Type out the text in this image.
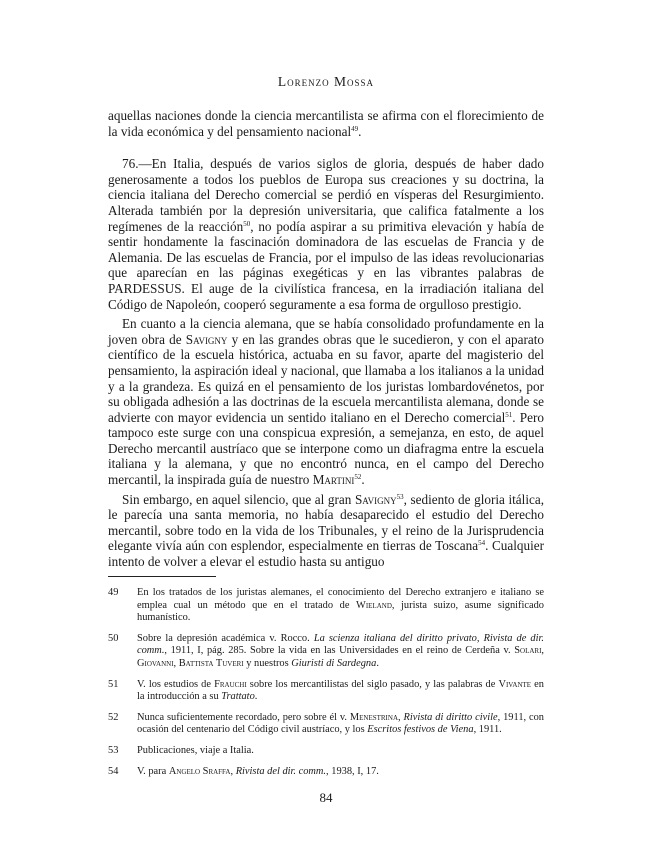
Lorenzo Mossa

aquellas naciones donde la ciencia mercantilista se afirma con el florecimiento de la vida económica y del pensamiento nacional$^{49}$.

76.—En Italia, después de varios siglos de gloria, después de haber dado generosamente a todos los pueblos de Europa sus creaciones y su doctrina, la ciencia italiana del Derecho comercial se perdió en vísperas del Resurgimiento. Alterada también por la depresión universitaria, que califica fatalmente a los regímenes de la reacción$^{50}$, no podía aspirar a su primitiva elevación y había de sentir hondamente la fascinación dominadora de las escuelas de Francia y de Alemania. De las escuelas de Francia, por el impulso de las ideas revolucionarias que aparecían en las páginas exegéticas y en las vibrantes palabras de PARDESSUS. El auge de la civilística francesa, en la irradiación italiana del Código de Napoleón, cooperó seguramente a esa forma de orgulloso prestigio.

En cuanto a la ciencia alemana, que se había consolidado profundamente en la joven obra de Savigny y en las grandes obras que le sucedieron, y con el aparato científico de la escuela histórica, actuaba en su favor, aparte del magisterio del pensamiento, la aspiración ideal y nacional, que llamaba a los italianos a la unidad y a la grandeza. Es quizá en el pensamiento de los juristas lombardovénetos, por su obligada adhesión a las doctrinas de la escuela mercantilista alemana, donde se advierte con mayor evidencia un sentido italiano en el Derecho comercial$^{51}$. Pero tampoco este surge con una conspicua expresión, a semejanza, en esto, de aquel Derecho mercantil austríaco que se interpone como un diafragma entre la escuela italiana y la alemana, y que no encontró nunca, en el campo del Derecho mercantil, la inspirada guía de nuestro Martini$^{52}$.

Sin embargo, en aquel silencio, que al gran Savigny$^{53}$, sediento de gloria itálica, le parecía una santa memoria, no había desaparecido el estudio del Derecho mercantil, sobre todo en la vida de los Tribunales, y el reino de la Jurisprudencia elegante vivía aún con esplendor, especialmente en tierras de Toscana$^{54}$. Cualquier intento de volver a elevar el estudio hasta su antiguo

49	En los tratados de los juristas alemanes, el conocimiento del Derecho extranjero e italiano se emplea cual un método que en el tratado de Wieland, jurista suizo, asume significado humanístico.
50	Sobre la depresión académica v. Rocco. La scienza italiana del diritto privato, Rivista de dir. comm., 1911, I, pág. 285. Sobre la vida en las Universidades en el reino de Cerdeña v. Solari, Giovanni, Battista Tuveri y nuestros Giuristi di Sardegna.
51	V. los estudios de Frauchi sobre los mercantilistas del siglo pasado, y las palabras de Vivante en la introducción a su Trattato.
52	Nunca suficientemente recordado, pero sobre él v. Menestrina, Rivista di diritto civile, 1911, con ocasión del centenario del Código civil austríaco, y los Escritos festivos de Viena, 1911.
53	Publicaciones, viaje a Italia.
54	V. para Angelo Sraffa, Rivista del dir. comm., 1938, I, 17.
84
